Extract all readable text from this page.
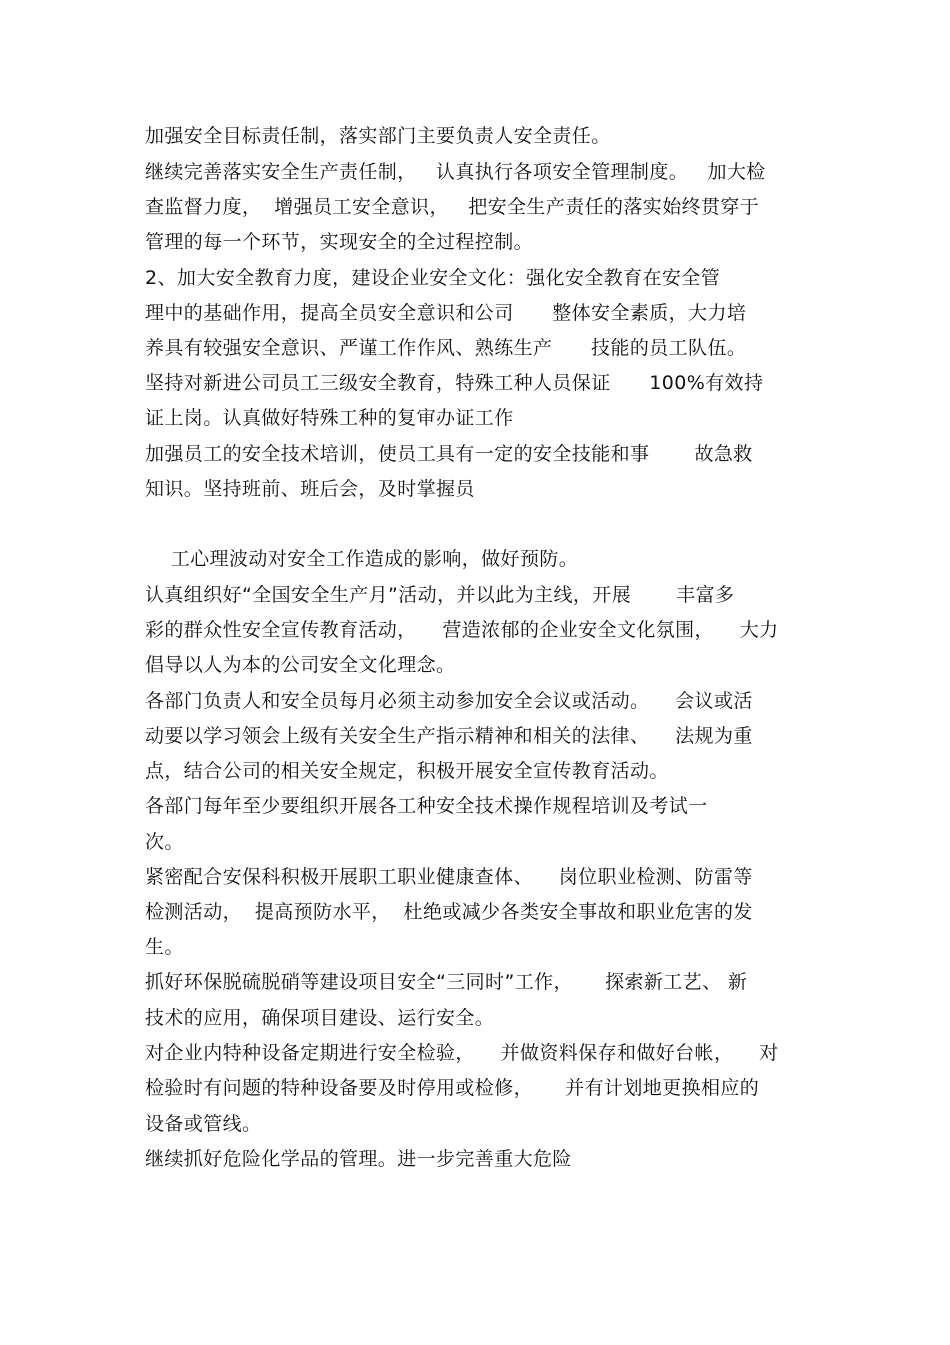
加强安全目标责任制，落实部门主要负责人安全责任。
继续完善落实安全生产责任制，   认真执行各项安全管理制度。   加大检
查监督力度，  增强员工安全意识，   把安全生产责任的落实始终贯穿于
管理的每一个环节，实现安全的全过程控制。
2、加大安全教育力度，建设企业安全文化：强化安全教育在安全管
理中的基础作用，提高全员安全意识和公司      整体安全素质，大力培
养具有较强安全意识、严谨工作作风、熟练生产      技能的员工队伍。
坚持对新进公司员工三级安全教育，特殊工种人员保证      100%有效持
证上岗。认真做好特殊工种的复审办证工作
加强员工的安全技术培训，使员工具有一定的安全技能和事       故急救
知识。坚持班前、班后会，及时掌握员
工心理波动对安全工作造成的影响，做好预防。
认真组织好“全国安全生产月”活动，并以此为主线，开展       丰富多
彩的群众性安全宣传教育活动，    营造浓郁的企业安全文化氛围，    大力
倡导以人为本的公司安全文化理念。
各部门负责人和安全员每月必须主动参加安全会议或活动。    会议或活
动要以学习领会上级有关安全生产指示精神和相关的法律、    法规为重
点，结合公司的相关安全规定，积极开展安全宣传教育活动。
各部门每年至少要组织开展各工种安全技术操作规程培训及考试一
次。
紧密配合安保科积极开展职工职业健康查体、    岗位职业检测、防雷等
检测活动，  提高预防水平，  杜绝或减少各类安全事故和职业危害的发
生。
抓好环保脱硫脱硝等建设项目安全“三同时”工作，     探索新工艺、 新
技术的应用，确保项目建设、运行安全。
对企业内特种设备定期进行安全检验，    并做资料保存和做好台帐，    对
检验时有问题的特种设备要及时停用或检修，     并有计划地更换相应的
设备或管线。
继续抓好危险化学品的管理。进一步完善重大危险
